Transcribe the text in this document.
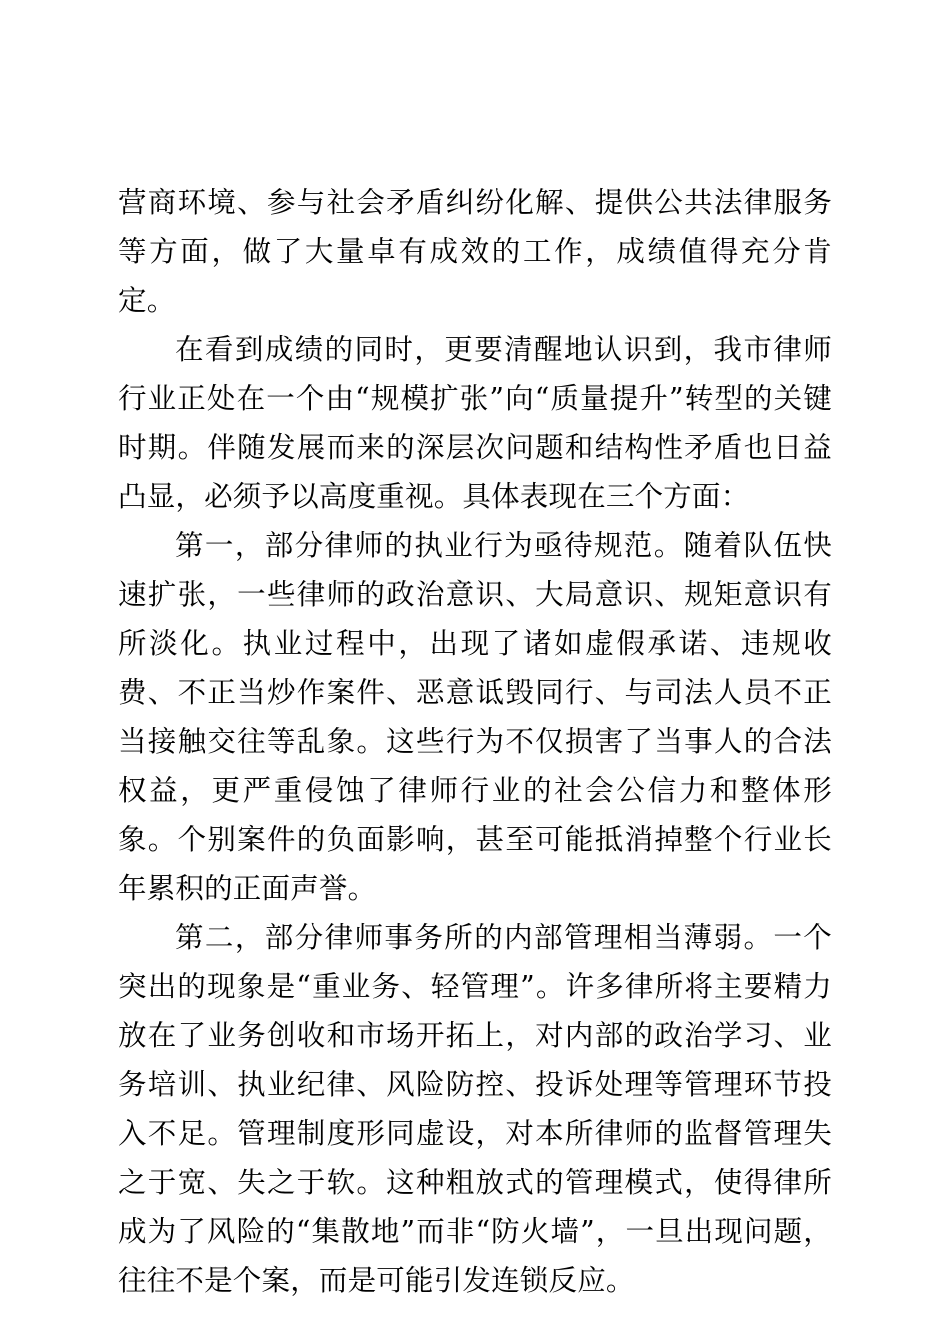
营商环境、参与社会矛盾纠纷化解、提供公共法律服务等方面，做了大量卓有成效的工作，成绩值得充分肯定。

在看到成绩的同时，更要清醒地认识到，我市律师行业正处在一个由“规模扩张”向“质量提升”转型的关键时期。伴随发展而来的深层次问题和结构性矛盾也日益凸显，必须予以高度重视。具体表现在三个方面：

第一，部分律师的执业行为亟待规范。随着队伍快速扩张，一些律师的政治意识、大局意识、规矩意识有所淡化。执业过程中，出现了诸如虚假承诺、违规收费、不正当炒作案件、恶意诋毁同行、与司法人员不正当接触交往等乱象。这些行为不仅损害了当事人的合法权益，更严重侵蚀了律师行业的社会公信力和整体形象。个别案件的负面影响，甚至可能抵消掉整个行业长年累积的正面声誉。

第二，部分律师事务所的内部管理相当薄弱。一个突出的现象是“重业务、轻管理”。许多律所将主要精力放在了业务创收和市场开拓上，对内部的政治学习、业务培训、执业纪律、风险防控、投诉处理等管理环节投入不足。管理制度形同虚设，对本所律师的监督管理失之于宽、失之于软。这种粗放式的管理模式，使得律所成为了风险的“集散地”而非“防火墙”，一旦出现问题，往往不是个案，而是可能引发连锁反应。
